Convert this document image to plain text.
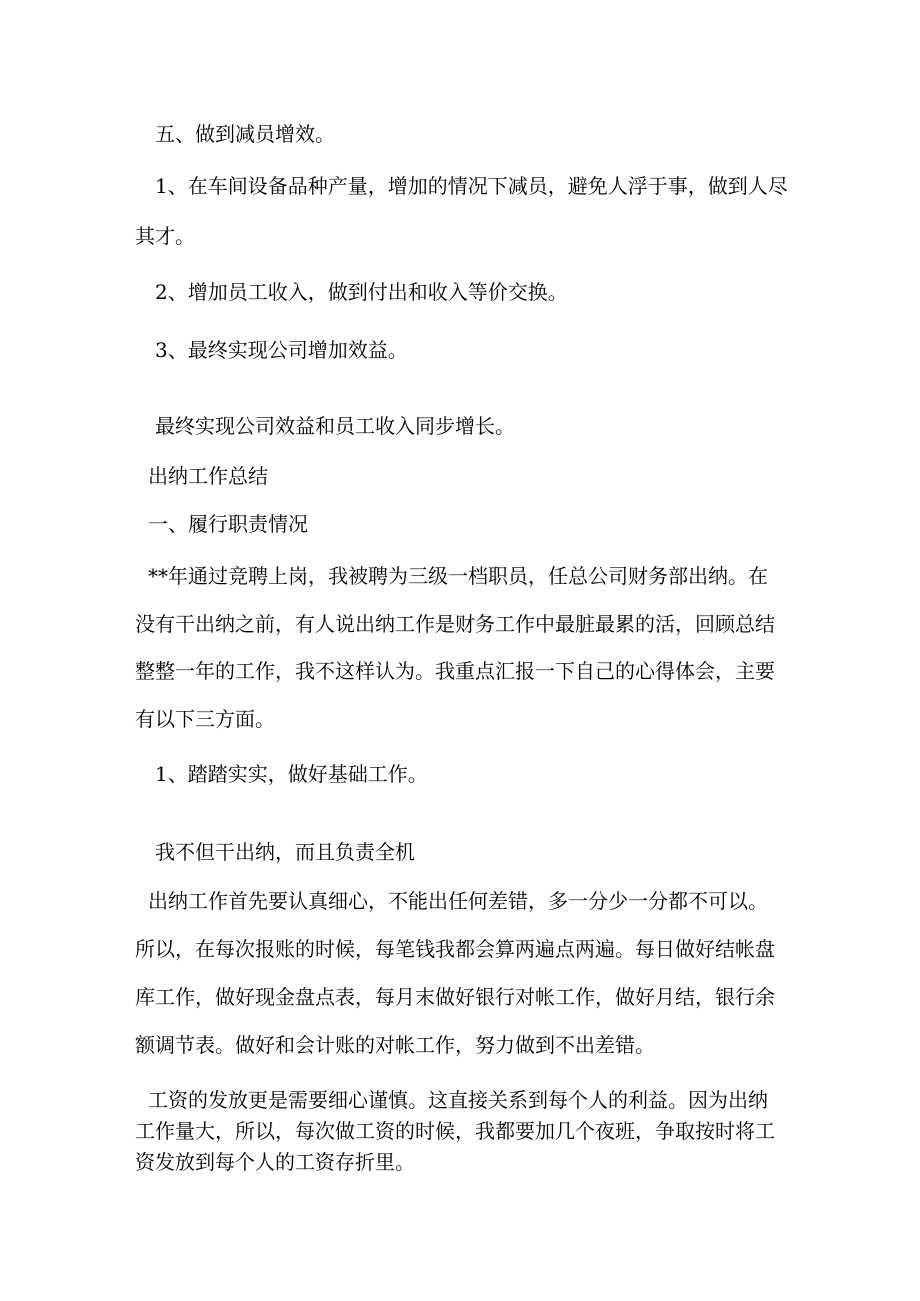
五、做到减员增效。

1、在车间设备品种产量，增加的情况下减员，避免人浮于事，做到人尽

其才。

2、增加员工收入，做到付出和收入等价交换。

3、最终实现公司增加效益。

最终实现公司效益和员工收入同步增长。

出纳工作总结

一、履行职责情况

**年通过竞聘上岗，我被聘为三级一档职员，任总公司财务部出纳。在

没有干出纳之前，有人说出纳工作是财务工作中最脏最累的活，回顾总结

整整一年的工作，我不这样认为。我重点汇报一下自己的心得体会，主要

有以下三方面。

1、踏踏实实，做好基础工作。

我不但干出纳，而且负责全机

出纳工作首先要认真细心，不能出任何差错，多一分少一分都不可以。

所以，在每次报账的时候，每笔钱我都会算两遍点两遍。每日做好结帐盘

库工作，做好现金盘点表，每月末做好银行对帐工作，做好月结，银行余

额调节表。做好和会计账的对帐工作，努力做到不出差错。

工资的发放更是需要细心谨慎。这直接关系到每个人的利益。因为出纳

工作量大，所以，每次做工资的时候，我都要加几个夜班，争取按时将工

资发放到每个人的工资存折里。
